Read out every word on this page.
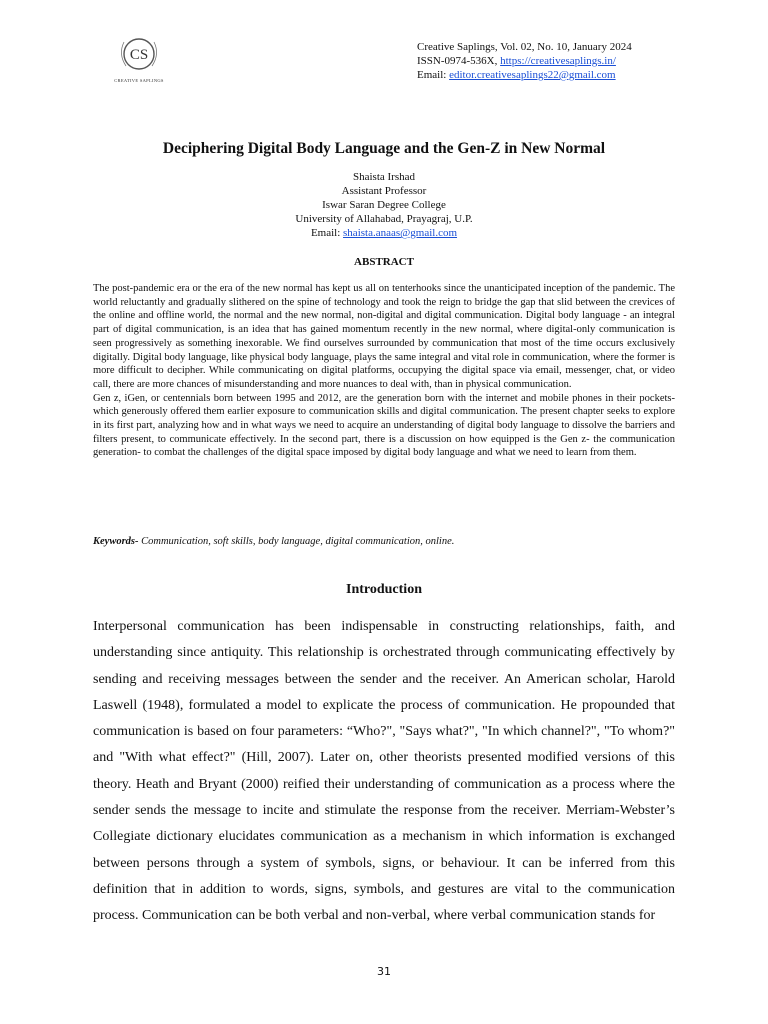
CS
CREATIVE SAPLINGS
Creative Saplings, Vol. 02, No. 10, January 2024
ISSN-0974-536X, https://creativesaplings.in/
Email: editor.creativesaplings22@gmail.com
Deciphering Digital Body Language and the Gen-Z in New Normal
Shaista Irshad
Assistant Professor
Iswar Saran Degree College
University of Allahabad, Prayagraj, U.P.
Email: shaista.anaas@gmail.com
ABSTRACT

The post-pandemic era or the era of the new normal has kept us all on tenterhooks since the unanticipated inception of the pandemic. The world reluctantly and gradually slithered on the spine of technology and took the reign to bridge the gap that slid between the crevices of the online and offline world, the normal and the new normal, non-digital and digital communication. Digital body language - an integral part of digital communication, is an idea that has gained momentum recently in the new normal, where digital-only communication is seen progressively as something inexorable. We find ourselves surrounded by communication that most of the time occurs exclusively digitally. Digital body language, like physical body language, plays the same integral and vital role in communication, where the former is more difficult to decipher. While communicating on digital platforms, occupying the digital space via email, messenger, chat, or video call, there are more chances of misunderstanding and more nuances to deal with, than in physical communication.

Gen z, iGen, or centennials born between 1995 and 2012, are the generation born with the internet and mobile phones in their pockets- which generously offered them earlier exposure to communication skills and digital communication. The present chapter seeks to explore in its first part, analyzing how and in what ways we need to acquire an understanding of digital body language to dissolve the barriers and filters present, to communicate effectively. In the second part, there is a discussion on how equipped is the Gen z- the communication generation- to combat the challenges of the digital space imposed by digital body language and what we need to learn from them.

Keywords- Communication, soft skills, body language, digital communication, online.
Introduction

Interpersonal communication has been indispensable in constructing relationships, faith, and understanding since antiquity. This relationship is orchestrated through communicating effectively by sending and receiving messages between the sender and the receiver. An American scholar, Harold Laswell (1948), formulated a model to explicate the process of communication. He propounded that communication is based on four parameters: “Who?", "Says what?", "In which channel?", "To whom?" and "With what effect?" (Hill, 2007). Later on, other theorists presented modified versions of this theory. Heath and Bryant (2000) reified their understanding of communication as a process where the sender sends the message to incite and stimulate the response from the receiver. Merriam-Webster’s Collegiate dictionary elucidates communication as a mechanism in which information is exchanged between persons through a system of symbols, signs, or behaviour. It can be inferred from this definition that in addition to words, signs, symbols, and gestures are vital to the communication process. Communication can be both verbal and non-verbal, where verbal communication stands for

31
